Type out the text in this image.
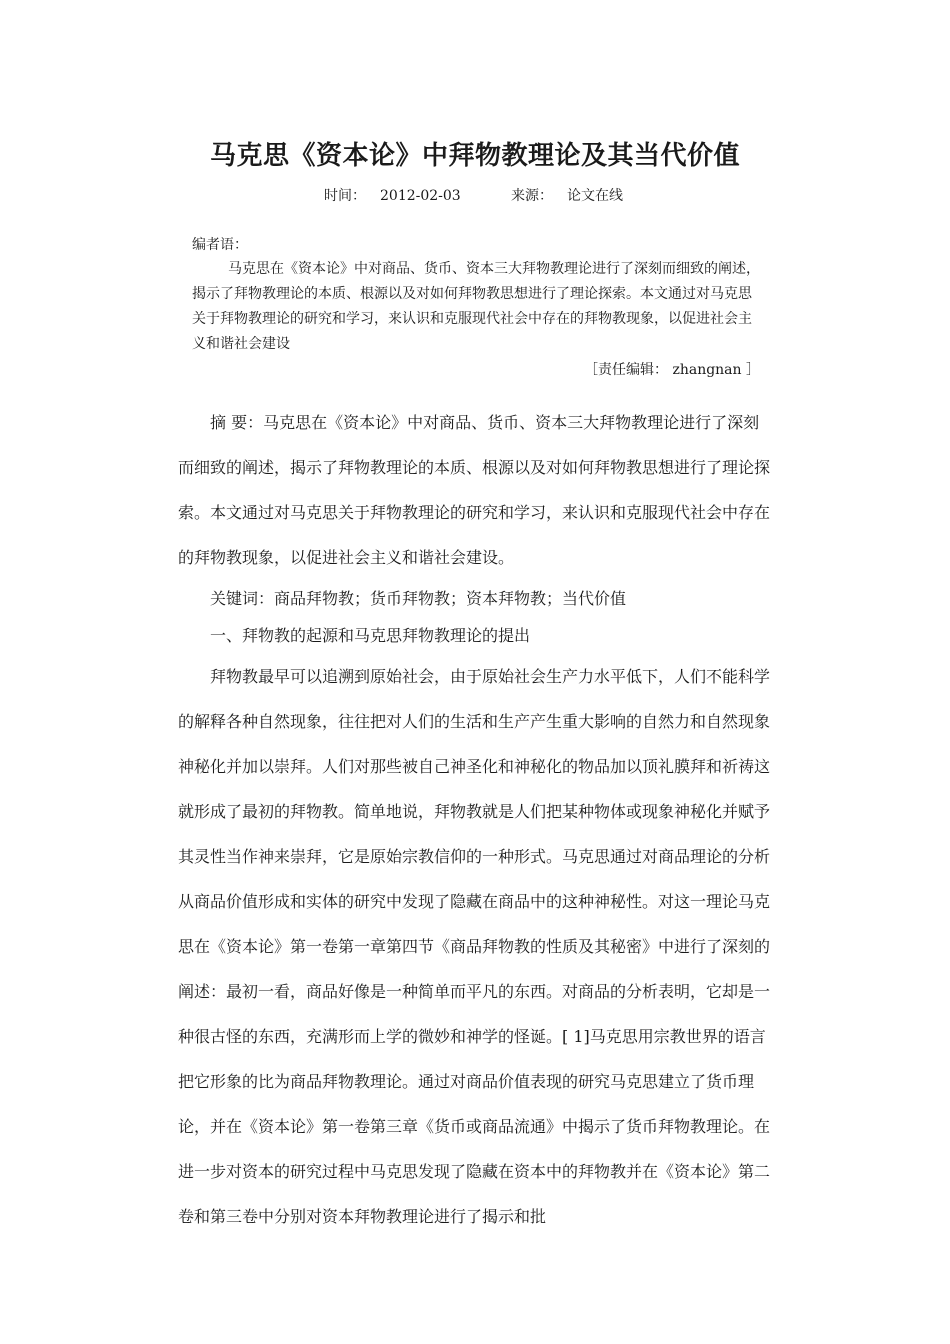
马克思《资本论》中拜物教理论及其当代价值
时间： 2012-02-03	来源： 论文在线
编者语：
马克思在《资本论》中对商品、货币、资本三大拜物教理论进行了深刻而细致的阐述，揭示了拜物教理论的本质、根源以及对如何拜物教思想进行了理论探索。本文通过对马克思关于拜物教理论的研究和学习，来认识和克服现代社会中存在的拜物教现象，以促进社会主义和谐社会建设
［责任编辑： zhangnan ］

摘 要：马克思在《资本论》中对商品、货币、资本三大拜物教理论进行了深刻而细致的阐述，揭示了拜物教理论的本质、根源以及对如何拜物教思想进行了理论探索。本文通过对马克思关于拜物教理论的研究和学习，来认识和克服现代社会中存在的拜物教现象，以促进社会主义和谐社会建设。

关键词：商品拜物教；货币拜物教；资本拜物教；当代价值

一、拜物教的起源和马克思拜物教理论的提出

拜物教最早可以追溯到原始社会，由于原始社会生产力水平低下，人们不能科学的解释各种自然现象，往往把对人们的生活和生产产生重大影响的自然力和自然现象神秘化并加以崇拜。人们对那些被自己神圣化和神秘化的物品加以顶礼膜拜和祈祷这就形成了最初的拜物教。简单地说，拜物教就是人们把某种物体或现象神秘化并赋予其灵性当作神来崇拜，它是原始宗教信仰的一种形式。马克思通过对商品理论的分析从商品价值形成和实体的研究中发现了隐藏在商品中的这种神秘性。对这一理论马克思在《资本论》第一卷第一章第四节《商品拜物教的性质及其秘密》中进行了深刻的阐述：最初一看，商品好像是一种简单而平凡的东西。对商品的分析表明，它却是一种很古怪的东西，充满形而上学的微妙和神学的怪诞。[ 1]马克思用宗教世界的语言把它形象的比为商品拜物教理论。通过对商品价值表现的研究马克思建立了货币理论，并在《资本论》第一卷第三章《货币或商品流通》中揭示了货币拜物教理论。在进一步对资本的研究过程中马克思发现了隐藏在资本中的拜物教并在《资本论》第二卷和第三卷中分别对资本拜物教理论进行了揭示和批
